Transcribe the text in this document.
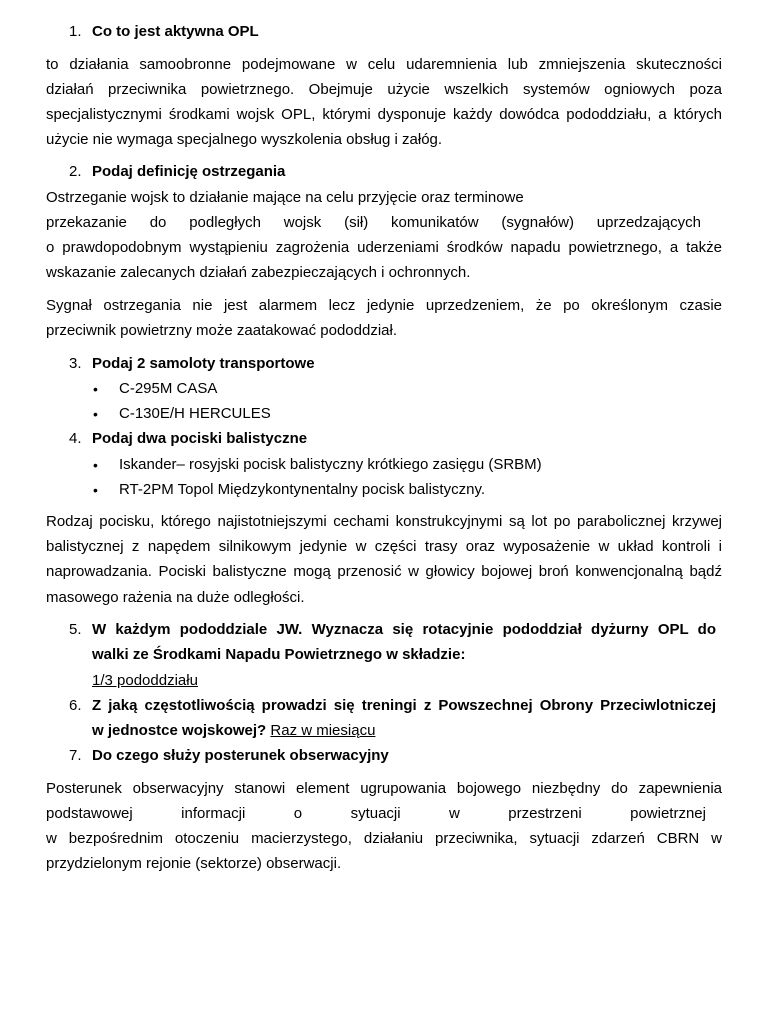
1. Co to jest aktywna OPL
to działania samoobronne podejmowane w celu udaremnienia lub zmniejszenia skuteczności
działań przeciwnika powietrznego. Obejmuje użycie wszelkich systemów ogniowych poza
specjalistycznymi środkami wojsk OPL, którymi dysponuje każdy dowódca pododdziału, a których
użycie nie wymaga specjalnego wyszkolenia obsług i załóg.
2. Podaj definicję ostrzegania
Ostrzeganie wojsk to działanie mające na celu przyjęcie oraz terminowe
przekazanie do podległych wojsk (sił) komunikatów (sygnałów) uprzedzających
o prawdopodobnym wystąpieniu zagrożenia uderzeniami środków napadu powietrznego, a także
wskazanie zalecanych działań zabezpieczających i ochronnych.
Sygnał ostrzegania nie jest alarmem lecz jedynie uprzedzeniem, że po określonym czasie
przeciwnik powietrzny może zaatakować pododdział.
3. Podaj 2 samoloty transportowe
• C-295M CASA
• C-130E/H HERCULES
4. Podaj dwa pociski balistyczne
• Iskander– rosyjski pocisk balistyczny krótkiego zasięgu (SRBM)
• RT-2PM Topol Międzykontynentalny pocisk balistyczny.
Rodzaj pocisku, którego najistotniejszymi cechami konstrukcyjnymi są lot po parabolicznej krzywej
balistycznej z napędem silnikowym jedynie w części trasy oraz wyposażenie w układ kontroli i
naprowadzania. Pociski balistyczne mogą przenosić w głowicy bojowej broń konwencjonalną bądź
masowego rażenia na duże odległości.
5. W każdym pododdziale JW. Wyznacza się rotacyjnie pododdział dyżurny OPL do
walki ze Środkami Napadu Powietrznego w składzie:
1/3 pododdziału
6. Z jaką częstotliwością prowadzi się treningi z Powszechnej Obrony Przeciwlotniczej
w jednostce wojskowej? Raz w miesiącu
7. Do czego służy posterunek obserwacyjny
Posterunek obserwacyjny stanowi element ugrupowania bojowego niezbędny do zapewnienia
podstawowej informacji o sytuacji w przestrzeni powietrznej
w bezpośrednim otoczeniu macierzystego, działaniu przeciwnika, sytuacji zdarzeń CBRN w
przydzielonym rejonie (sektorze) obserwacji.
